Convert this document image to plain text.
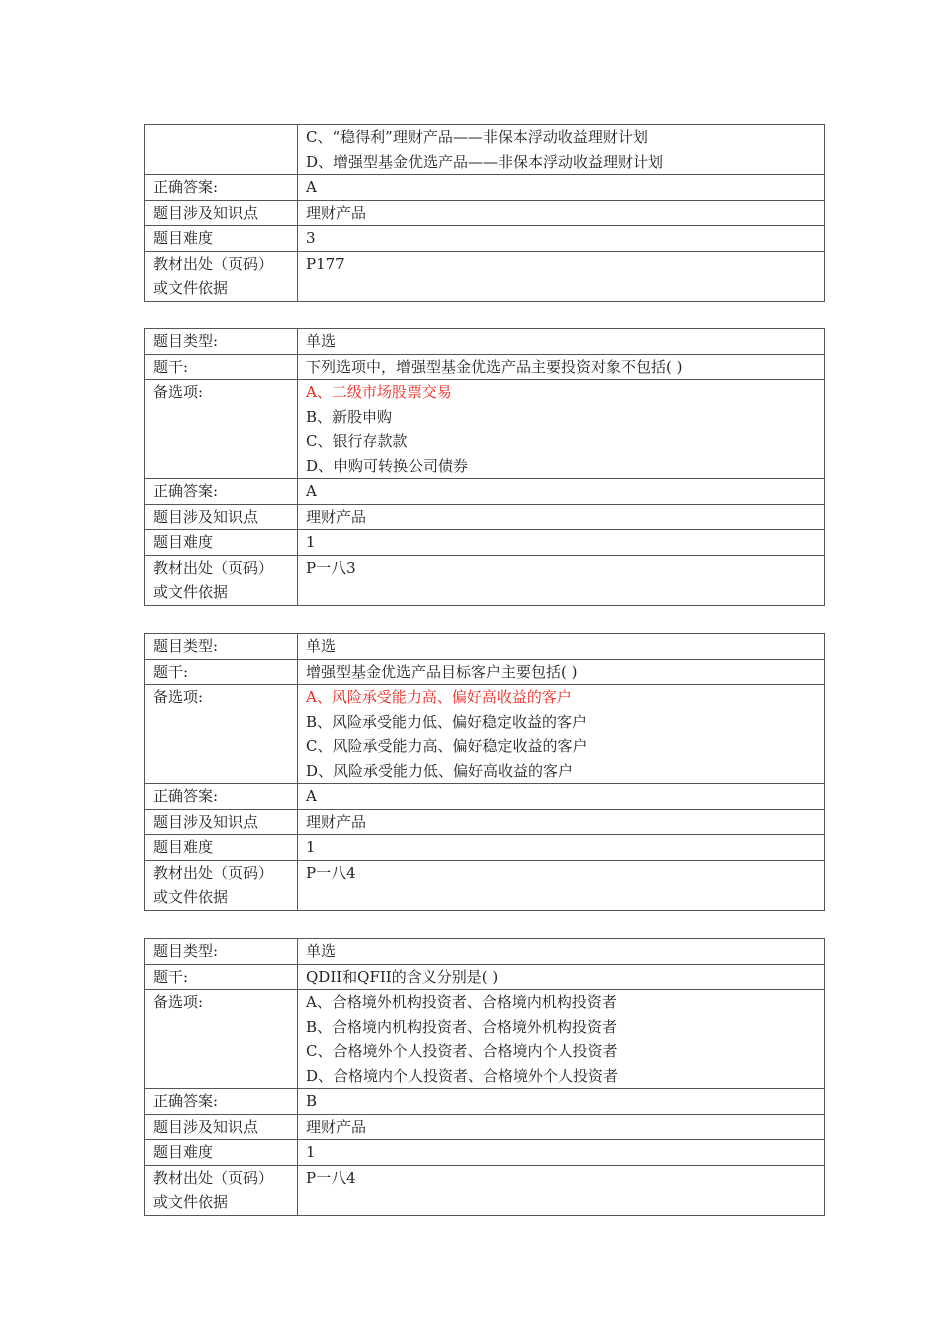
	C、“稳得利”理财产品——非保本浮动收益理财计划
D、增强型基金优选产品——非保本浮动收益理财计划

正确答案:	A
题目涉及知识点	理财产品
题目难度	3

教材出处（页码）
或文件依据	P177
题目类型:	单选
题干:	下列选项中，增强型基金优选产品主要投资对象不包括( )
备选项:	A、二级市场股票交易
B、新股申购
C、银行存款款
D、申购可转换公司债券

正确答案:	A
题目涉及知识点	理财产品
题目难度	1

教材出处（页码）
或文件依据	P一八3
题目类型:	单选
题干:	增强型基金优选产品目标客户主要包括( )
备选项:	A、风险承受能力高、偏好高收益的客户
B、风险承受能力低、偏好稳定收益的客户
C、风险承受能力高、偏好稳定收益的客户
D、风险承受能力低、偏好高收益的客户

正确答案:	A
题目涉及知识点	理财产品
题目难度	1

教材出处（页码）
或文件依据	P一八4
题目类型:	单选
题干:	QDII和QFII的含义分别是( )
备选项:	A、合格境外机构投资者、合格境内机构投资者
B、合格境内机构投资者、合格境外机构投资者
C、合格境外个人投资者、合格境内个人投资者
D、合格境内个人投资者、合格境外个人投资者

正确答案:	B
题目涉及知识点	理财产品
题目难度	1

教材出处（页码）
或文件依据	P一八4
